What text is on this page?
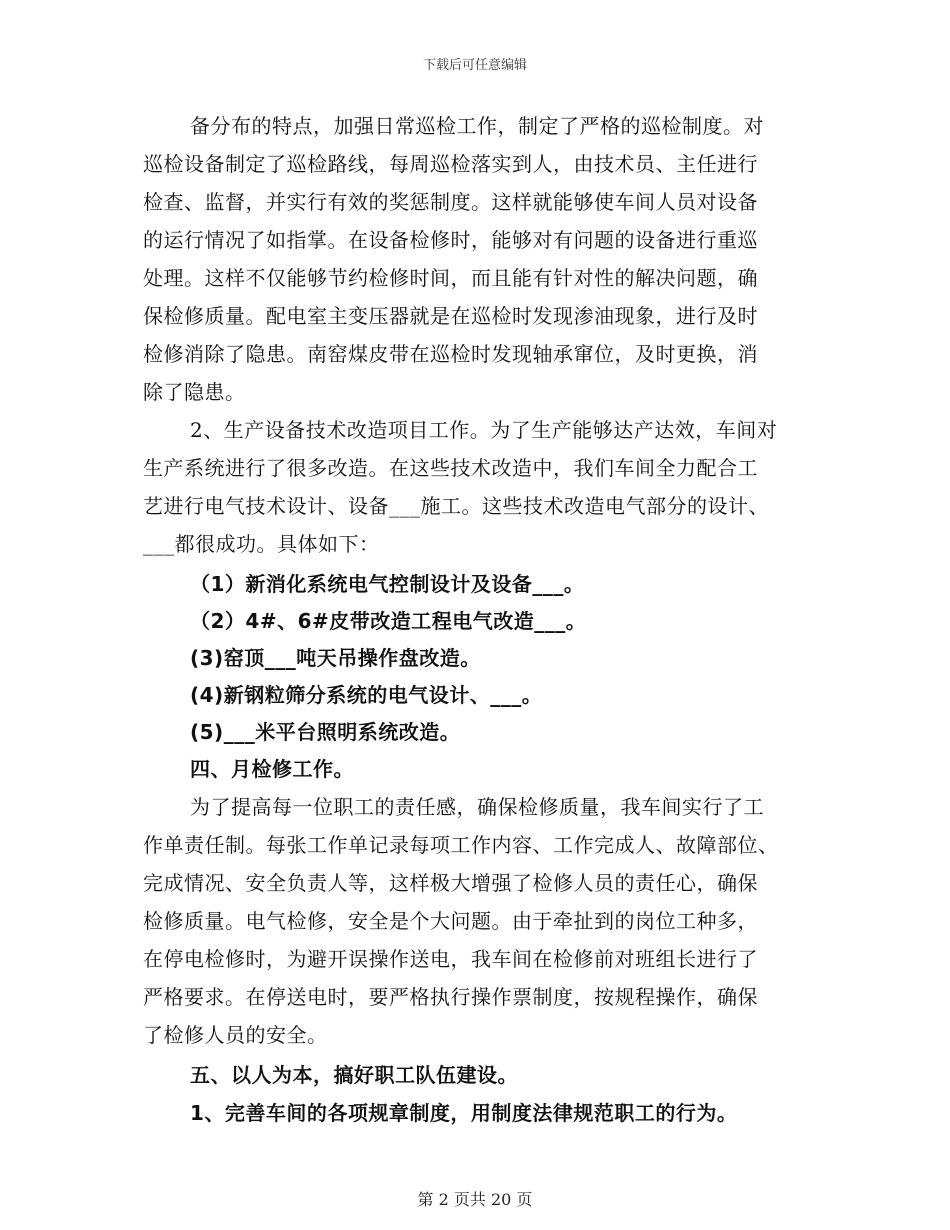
下载后可任意编辑
备分布的特点，加强日常巡检工作，制定了严格的巡检制度。对
巡检设备制定了巡检路线，每周巡检落实到人，由技术员、主任进行
检查、监督，并实行有效的奖惩制度。这样就能够使车间人员对设备
的运行情况了如指掌。在设备检修时，能够对有问题的设备进行重巡
处理。这样不仅能够节约检修时间，而且能有针对性的解决问题，确
保检修质量。配电室主变压器就是在巡检时发现渗油现象，进行及时
检修消除了隐患。南窑煤皮带在巡检时发现轴承窜位，及时更换，消
除了隐患。
2、生产设备技术改造项目工作。为了生产能够达产达效，车间对
生产系统进行了很多改造。在这些技术改造中，我们车间全力配合工
艺进行电气技术设计、设备___施工。这些技术改造电气部分的设计、
___都很成功。具体如下：
（1）新消化系统电气控制设计及设备___。
（2）4#、6#皮带改造工程电气改造___。
(3)窑顶___吨天吊操作盘改造。
(4)新钢粒筛分系统的电气设计、___。
(5)___米平台照明系统改造。
四、月检修工作。
为了提高每一位职工的责任感，确保检修质量，我车间实行了工
作单责任制。每张工作单记录每项工作内容、工作完成人、故障部位、
完成情况、安全负责人等，这样极大增强了检修人员的责任心，确保
检修质量。电气检修，安全是个大问题。由于牵扯到的岗位工种多，
在停电检修时，为避开误操作送电，我车间在检修前对班组长进行了
严格要求。在停送电时，要严格执行操作票制度，按规程操作，确保
了检修人员的安全。
五、以人为本，搞好职工队伍建设。
1、完善车间的各项规章制度，用制度法律规范职工的行为。
第 2 页共 20 页
